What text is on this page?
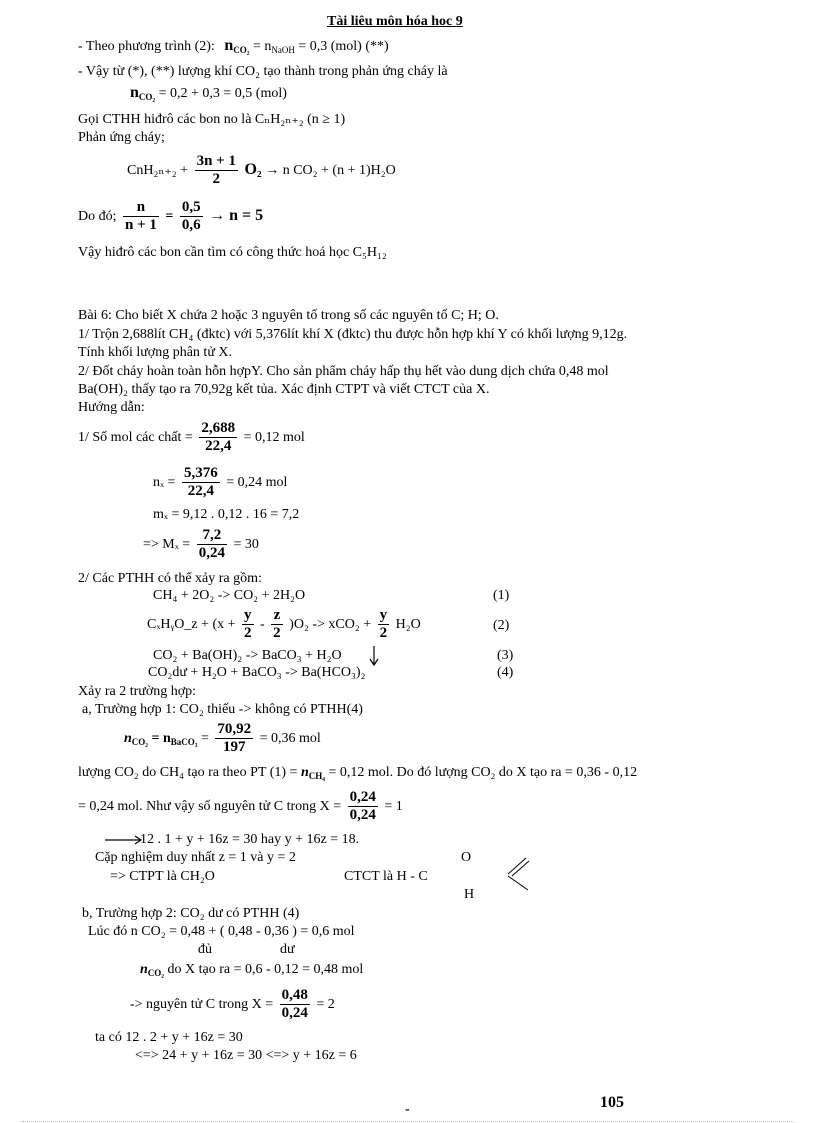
Tài liêu môn hóa hoc 9
- Theo phương trình (2): $n_{CO_2} = n_{NaOH} = 0,3$ (mol) (**)
- Vậy từ (*), (**) lượng khí CO₂ tạo thành trong phản ứng cháy là
$n_{CO_2} = 0,2 + 0,3 = 0,5$ (mol)
Gọi CTHH hiđrô các bon no là CₙH₂ₙ₊₂ (n ≥ 1)
Phản ứng cháy;
$CnH_{2n+2} + \frac{3n + 1}{2} O_2 \to n$ CO₂ + (n + 1)H₂O
Do đó; $\frac{n}{n + 1} = \frac{0,5}{0,6} \to n = 5$
Vậy hiđrô các bon cần tìm có công thức hoá học C₅H₁₂
Bài 6: Cho biết X chứa 2 hoặc 3 nguyên tố trong số các nguyên tố C; H; O.
1/ Trộn 2,688lít CH₄ (đktc) với 5,376lít khí X (đktc) thu được hỗn hợp khí Y có khối lượng 9,12g.
Tính khối lượng phân tử X.
2/ Đốt cháy hoàn toàn hỗn hợpY. Cho sản phẩm cháy hấp thụ hết vào dung dịch chứa 0,48 mol
Ba(OH)₂ thấy tạo ra 70,92g kết tủa. Xác định CTPT và viết CTCT của X.
Hướng dẫn:
1/ Số mol các chất = $\frac{2,688}{22,4} = 0,12$ mol
$n_x = \frac{5,376}{22,4} = 0,24$ mol
mₓ = 9,12 . 0,12 . 16 = 7,2
=> $M_x = \frac{7,2}{0,24} = 30$
2/ Các PTHH có thể xảy ra gồm:
CH₄ + 2O₂ -> CO₂ + 2H₂O	(1)
CₓHᵧO_z + $(x + \frac{y}{2} - \frac{z}{2} )O_2 -> xCO_2 + \frac{y}{2} H_2O$	(2)
CO₂ + Ba(OH)₂ -> BaCO₃ + H₂O	(3)
CO₂dư + H₂O + BaCO₃ -> Ba(HCO₃)₂	(4)
Xảy ra 2 trường hợp:
a, Trường hợp 1: CO₂ thiếu -> không có PTHH(4)
$n_{CO_2} = n_{BaCO_3} = \frac{70,92}{197} = 0,36$ mol
lượng CO₂ do CH₄ tạo ra theo PT $(1) = n_{CH_4} = 0,12$ mol. Do đó lượng CO₂ do X tạo ra = 0,36 - 0,12
= 0,24 mol. Như vậy số nguyên tử C trong $X = \frac{0,24}{0,24} = 1$
12 . 1 + y + 16z = 30 hay y + 16z = 18.
Cặp nghiệm duy nhất z = 1 và y = 2
=> CTPT là CH₂O	CTCT là H - C
O
H
b, Trường hợp 2: CO₂ dư có PTHH (4)
Lúc đó n CO₂ = 0,48 + ( 0,48 - 0,36 ) = 0,6 mol
đủ	dư
$n_{CO_2}$ do X tạo ra = 0,6 - 0,12 = 0,48 mol
-> nguyên tử C trong $X = \frac{0,48}{0,24} = 2$
ta có 12 . 2 + y + 16z = 30
<=> 24 + y + 16z = 30 <=> y + 16z = 6
105
-
